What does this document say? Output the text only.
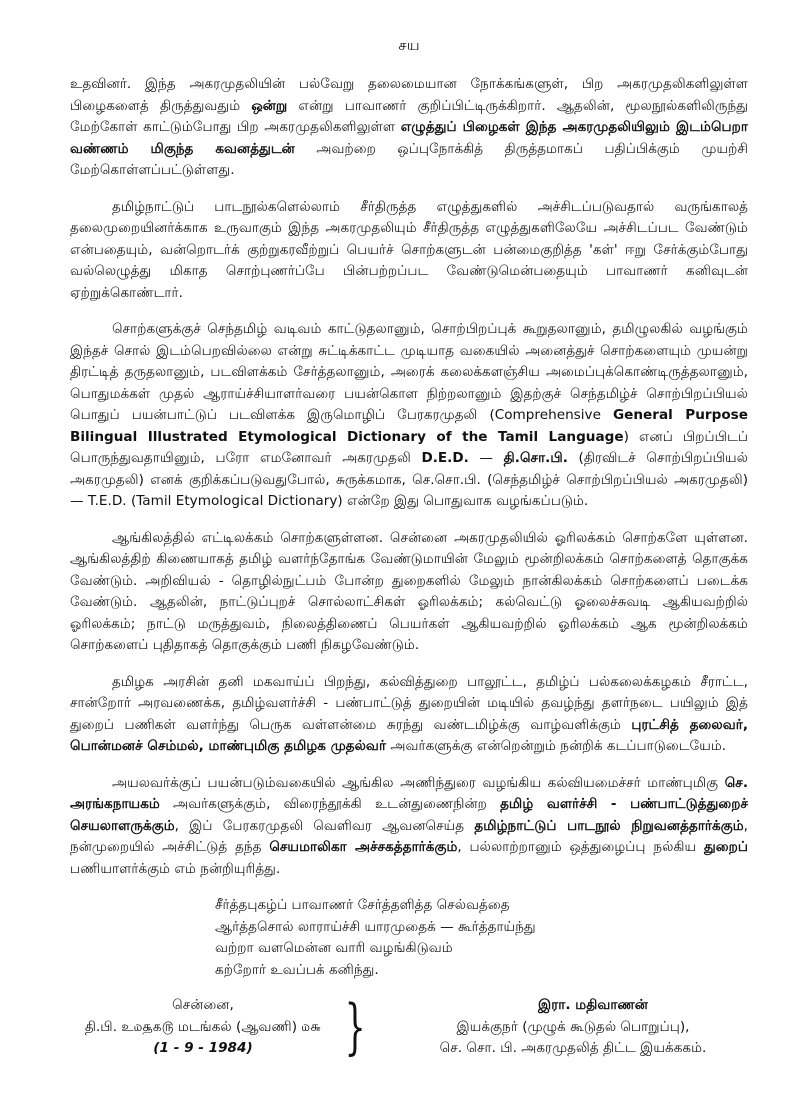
சய

உதவினர். இந்த அகரமுதலியின் பல்வேறு தலைமையான நோக்கங்களுள், பிற அகரமுதலிகளிலுள்ள பிழைகளைத் திருத்துவதும் ஒன்று என்று பாவாணர் குறிப்பிட்டிருக்கிறார். ஆதலின், மூலநூல்களிலிருந்து மேற்கோள் காட்டும்போது பிற அகரமுதலிகளிலுள்ள எழுத்துப் பிழைகள் இந்த அகரமுதலியிலும் இடம்பெறா வண்ணம் மிகுந்த கவனத்துடன் அவற்றை ஒப்புநோக்கித் திருத்தமாகப் பதிப்பிக்கும் முயற்சி மேற்கொள்ளப்பட்டுள்ளது.

தமிழ்நாட்டுப் பாடநூல்களெல்லாம் சீர்திருத்த எழுத்துகளில் அச்சிடப்படுவதால் வருங்காலத் தலைமுறையினர்க்காக உருவாகும் இந்த அகரமுதலியும் சீர்திருத்த எழுத்துகளிலேயே அச்சிடப்பட வேண்டும் என்பதையும், வன்றொடர்க் குற்றுகரவீற்றுப் பெயர்ச் சொற்களுடன் பன்மைகுறித்த 'கள்' ஈறு சேர்க்கும்போது வல்லெழுத்து மிகாத சொற்புணர்ப்பே பின்பற்றப்பட வேண்டுமென்பதையும் பாவாணர் கனிவுடன் ஏற்றுக்கொண்டார்.

சொற்களுக்குச் செந்தமிழ் வடிவம் காட்டுதலானும், சொற்பிறப்புக் கூறுதலானும், தமிழுலகில் வழங்கும் இந்தச் சொல் இடம்பெறவில்லை என்று சுட்டிக்காட்ட முடியாத வகையில் அனைத்துச் சொற்களையும் முயன்று திரட்டித் தருதலானும், படவிளக்கம் சேர்த்தலானும், அரைக் கலைக்களஞ்சிய அமைப்புக்கொண்டிருத்தலானும், பொதுமக்கள் முதல் ஆராய்ச்சியாளர்வரை பயன்கொள நிற்றலானும் இதற்குச் செந்தமிழ்ச் சொற்பிறப்பியல் பொதுப் பயன்பாட்டுப் படவிளக்க இருமொழிப் பேரகரமுதலி (Comprehensive General Purpose Bilingual Illustrated Etymological Dictionary of the Tamil Language) எனப் பிறப்பிடப் பொருந்துவதாயினும், பரோ எமனோவர் அகரமுதலி D.E.D. — தி.சொ.பி. (திரவிடச் சொற்பிறப்பியல் அகரமுதலி) எனக் குறிக்கப்படுவதுபோல், சுருக்கமாக, செ.சொ.பி. (செந்தமிழ்ச் சொற்பிறப்பியல் அகரமுதலி) — T.E.D. (Tamil Etymological Dictionary) என்றே இது பொதுவாக வழங்கப்படும்.

ஆங்கிலத்தில் எட்டிலக்கம் சொற்களுள்ளன. சென்னை அகரமுதலியில் ஓரிலக்கம் சொற்களே யுள்ளன. ஆங்கிலத்திற் கிணையாகத் தமிழ் வளர்ந்தோங்க வேண்டுமாயின் மேலும் மூன்றிலக்கம் சொற்களைத் தொகுக்க வேண்டும். அறிவியல் - தொழில்நுட்பம் போன்ற துறைகளில் மேலும் நான்கிலக்கம் சொற்களைப் படைக்க வேண்டும். ஆதலின், நாட்டுப்புறச் சொல்லாட்சிகள் ஓரிலக்கம்; கல்வெட்டு ஓலைச்சுவடி ஆகியவற்றில் ஓரிலக்கம்; நாட்டு மருத்துவம், நிலைத்திணைப் பெயர்கள் ஆகியவற்றில் ஓரிலக்கம் ஆக மூன்றிலக்கம் சொற்களைப் புதிதாகத் தொகுக்கும் பணி நிகழவேண்டும்.

தமிழக அரசின் தனி மகவாய்ப் பிறந்து, கல்வித்துறை பாலூட்ட, தமிழ்ப் பல்கலைக்கழகம் சீராட்ட, சான்றோர் அரவணைக்க, தமிழ்வளர்ச்சி - பண்பாட்டுத் துறையின் மடியில் தவழ்ந்து தளர்நடை பயிலும் இத் துறைப் பணிகள் வளர்ந்து பெருக வள்ளன்மை சுரந்து வண்டமிழ்க்கு வாழ்வளிக்கும் புரட்சித் தலைவர், பொன்மனச் செம்மல், மாண்புமிகு தமிழக முதல்வர் அவர்களுக்கு என்றென்றும் நன்றிக் கடப்பாடுடையேம்.

அயலவர்க்குப் பயன்படும்வகையில் ஆங்கில அணிந்துரை வழங்கிய கல்வியமைச்சர் மாண்புமிகு செ. அரங்கநாயகம் அவர்களுக்கும், விரைந்தூக்கி உடன்துணைநின்ற தமிழ் வளர்ச்சி - பண்பாட்டுத்துறைச் செயலாளருக்கும், இப் பேரகரமுதலி வெளிவர ஆவனசெய்த தமிழ்நாட்டுப் பாடநூல் நிறுவனத்தார்க்கும், நன்முறையில் அச்சிட்டுத் தந்த செயமாலிகா அச்சகத்தார்க்கும், பல்லாற்றானும் ஒத்துழைப்பு நல்கிய துறைப் பணியாளர்க்கும் எம் நன்றியுரித்து.

சீர்த்தபுகழ்ப் பாவாணர் சேர்த்தளித்த செல்வத்தை
ஆர்த்தசொல் லாராய்ச்சி யாரமுதைக் — கூர்த்தாய்ந்து
வற்றா வளமென்ன வாரி வழங்கிடுவம்
கற்றோர் உவப்பக் கனிந்து.
சென்னை,
தி.பி. உ௰௲௧௫ மடங்கல் (ஆவணி) ௰௬
(1 - 9 - 1984)	}	இரா. மதிவாணன்
இயக்குநர் (முழுக் கூடுதல் பொறுப்பு),
செ. சொ. பி. அகரமுதலித் திட்ட இயக்ககம்.
